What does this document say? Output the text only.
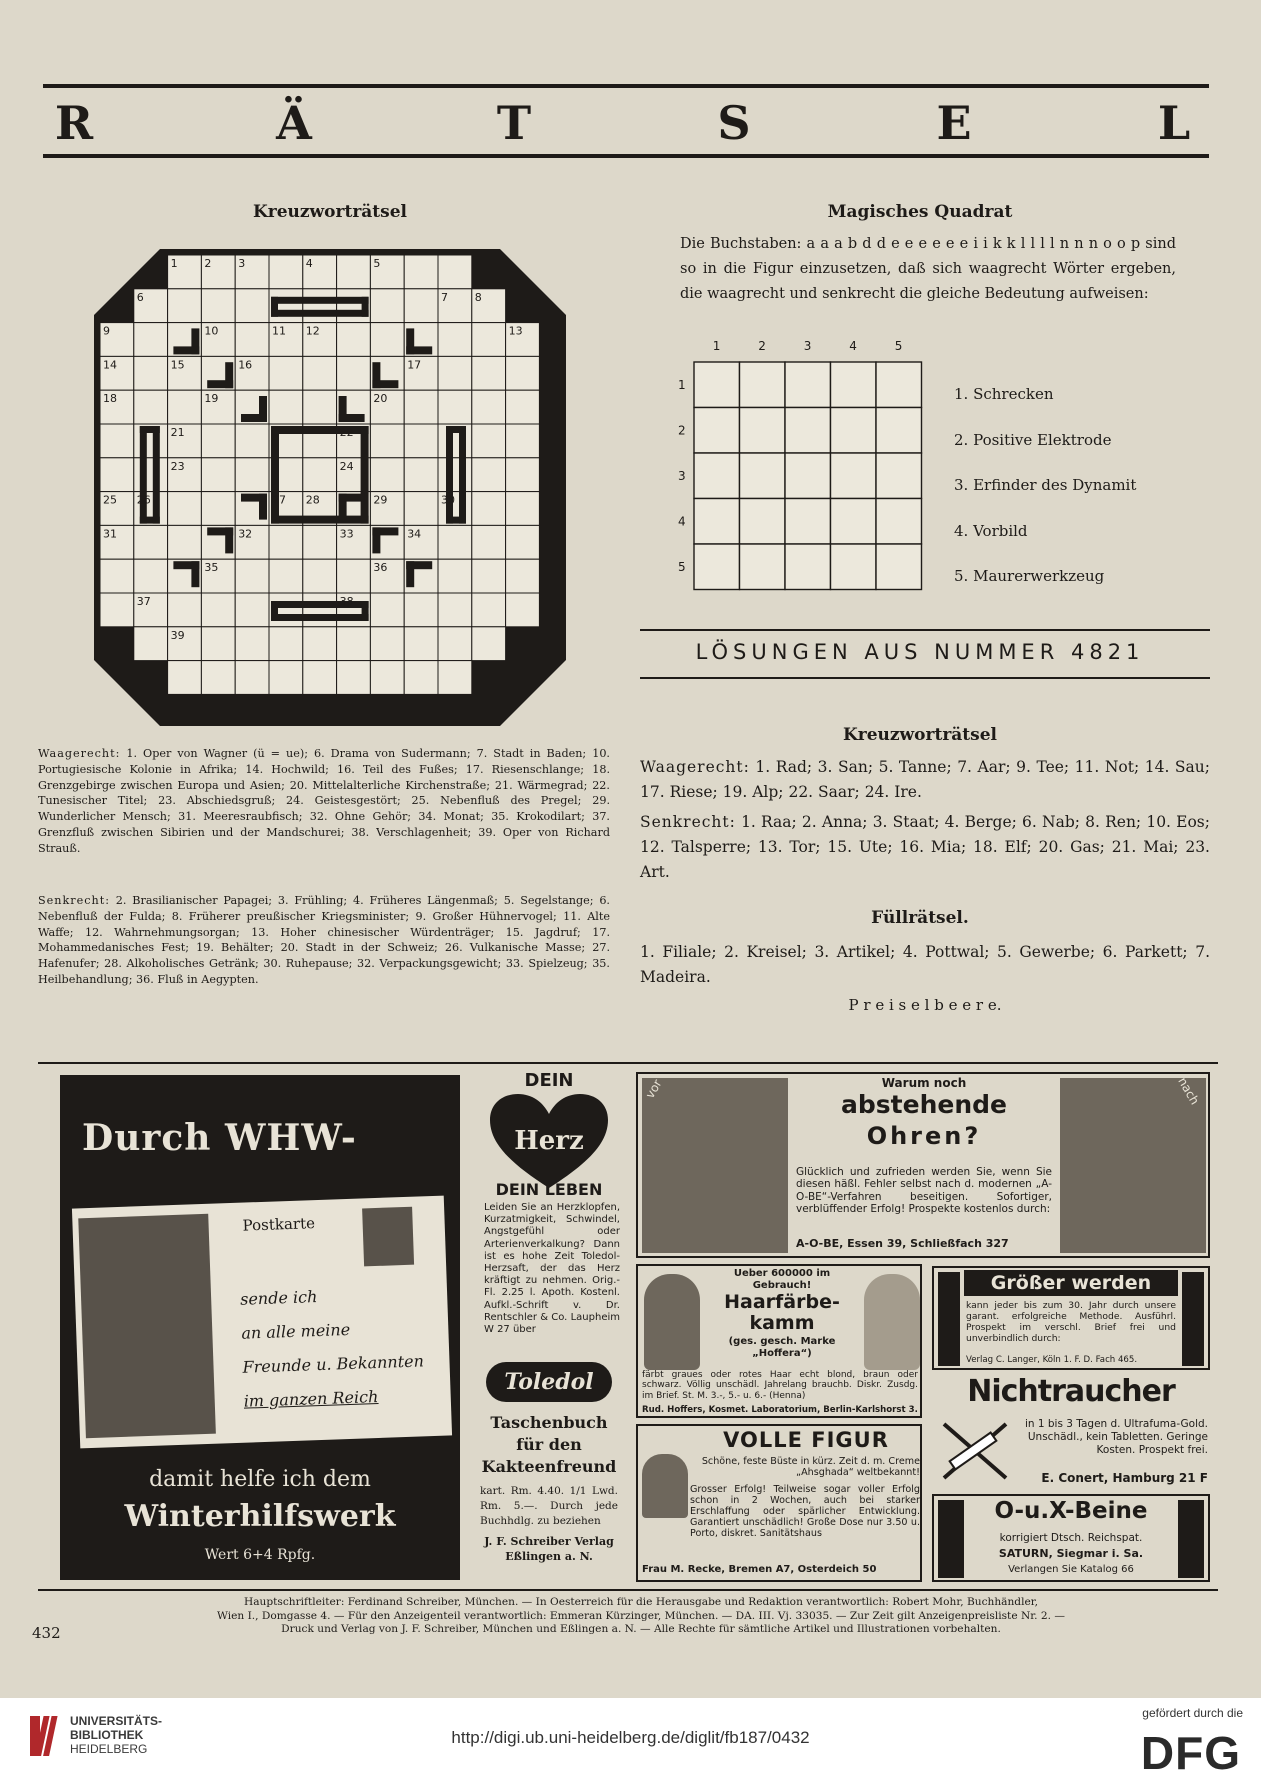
R	Ä	T	S	E	L
Kreuzworträtsel
1 2 3	4	5
6	7 8
9	10	11 12	13
14	15	16	17
18	19	20
21	22
23	24
25 26	27 28	29	30
31	32	33	34
35	36
37	38
39
Waagerecht: 1. Oper von Wagner (ü = ue); 6. Drama von Sudermann; 7. Stadt in Baden; 10. Portugiesische Kolonie in Afrika; 14. Hochwild; 16. Teil des Fußes; 17. Riesenschlange; 18. Grenzgebirge zwischen Europa und Asien; 20. Mittelalterliche Kirchenstraße; 21. Wärmegrad; 22. Tunesischer Titel; 23. Abschiedsgruß; 24. Geistesgestört; 25. Nebenfluß des Pregel; 29. Wunderlicher Mensch; 31. Meeresraubfisch; 32. Ohne Gehör; 34. Monat; 35. Krokodilart; 37. Grenzfluß zwischen Sibirien und der Mandschurei; 38. Verschlagenheit; 39. Oper von Richard Strauß.
Senkrecht: 2. Brasilianischer Papagei; 3. Frühling; 4. Früheres Längenmaß; 5. Segelstange; 6. Nebenfluß der Fulda; 8. Früherer preußischer Kriegsminister; 9. Großer Hühnervogel; 11. Alte Waffe; 12. Wahrnehmungsorgan; 13. Hoher chinesischer Würdenträger; 15. Jagdruf; 17. Mohammedanisches Fest; 19. Behälter; 20. Stadt in der Schweiz; 26. Vulkanische Masse; 27. Hafenufer; 28. Alkoholisches Getränk; 30. Ruhepause; 32. Verpackungsgewicht; 33. Spielzeug; 35. Heilbehandlung; 36. Fluß in Aegypten.
Magisches Quadrat
Die Buchstaben: a a a b d d e e e e e e i i k k l l l l n n n o o p sind so in die Figur einzusetzen, daß sich waagrecht Wörter ergeben, die waagrecht und senkrecht die gleiche Bedeutung aufweisen:
1	2	3	4	5
1
2
3
4
5
1. Schrecken
2. Positive Elektrode
3. Erfinder des Dynamit
4. Vorbild
5. Maurerwerkzeug
LÖSUNGEN AUS NUMMER 4821
Kreuzworträtsel
Waagerecht: 1. Rad; 3. San; 5. Tanne; 7. Aar; 9. Tee; 11. Not; 14. Sau; 17. Riese; 19. Alp; 22. Saar; 24. Ire.
Senkrecht: 1. Raa; 2. Anna; 3. Staat; 4. Berge; 6. Nab; 8. Ren; 10. Eos; 12. Talsperre; 13. Tor; 15. Ute; 16. Mia; 18. Elf; 20. Gas; 21. Mai; 23. Art.
Füllrätsel.
1. Filiale; 2. Kreisel; 3. Artikel; 4. Pottwal; 5. Gewerbe; 6. Parkett; 7. Madeira.
P r e i s e l b e e r e.
Durch WHW-
Postkarte
sende ich
an alle meine
Freunde u. Bekannten
im ganzen Reich
damit helfe ich dem
Winterhilfswerk
Wert 6+4 Rpfg.
DEIN
Herz
DEIN LEBEN
Leiden Sie an Herzklopfen, Kurzatmigkeit, Schwindel, Angstgefühl oder Arterienverkalkung? Dann ist es hohe Zeit Toledol-Herzsaft, der das Herz kräftigt zu nehmen. Orig.-Fl. 2.25 l. Apoth. Kostenl. Aufkl.-Schrift v. Dr. Rentschler & Co. Laupheim W 27 über
Toledol
Taschenbuch für den Kakteenfreund
kart. Rm. 4.40. 1/1 Lwd. Rm. 5.—. Durch jede Buchhdlg. zu beziehen
J. F. Schreiber Verlag Eßlingen a. N.
vor	nach
Warum noch
abstehende
Ohren?
Glücklich und zufrieden werden Sie, wenn Sie diesen häßl. Fehler selbst nach d. modernen „A-O-BE“-Verfahren beseitigen. Sofortiger, verblüffender Erfolg! Prospekte kostenlos durch:
A-O-BE, Essen 39, Schließfach 327
Ueber 600000 im Gebrauch!
Haarfärbe-kamm
(ges. gesch. Marke „Hoffera“)
färbt graues oder rotes Haar echt blond, braun oder schwarz. Völlig unschädl. Jahrelang brauchb. Diskr. Zusdg. im Brief. St. M. 3.-, 5.- u. 6.- (Henna)
Rud. Hoffers, Kosmet. Laboratorium, Berlin-Karlshorst 3.
VOLLE FIGUR
Schöne, feste Büste in kürz. Zeit d. m. Creme „Ahsghada“ weltbekannt!
Grosser Erfolg! Teilweise sogar voller Erfolg schon in 2 Wochen, auch bei starker Erschlaffung oder spärlicher Entwicklung. Garantiert unschädlich! Große Dose nur 3.50 u. Porto, diskret. Sanitätshaus
Frau M. Recke, Bremen A7, Osterdeich 50
Größer werden
kann jeder bis zum 30. Jahr durch unsere garant. erfolgreiche Methode. Ausführl. Prospekt im verschl. Brief frei und unverbindlich durch:
Verlag C. Langer, Köln 1. F. D. Fach 465.
Nichtraucher
in 1 bis 3 Tagen d. Ultrafuma-Gold. Unschädl., kein Tabletten. Geringe Kosten. Prospekt frei.
E. Conert, Hamburg 21 F
O-u.X-Beine
korrigiert Dtsch. Reichspat.
SATURN, Siegmar i. Sa.
Verlangen Sie Katalog 66
432
Hauptschriftleiter: Ferdinand Schreiber, München. — In Oesterreich für die Herausgabe und Redaktion verantwortlich: Robert Mohr, Buchhändler,
Wien I., Domgasse 4. — Für den Anzeigenteil verantwortlich: Emmeran Kürzinger, München. — DA. III. Vj. 33035. — Zur Zeit gilt Anzeigenpreisliste Nr. 2. —
Druck und Verlag von J. F. Schreiber, München und Eßlingen a. N. — Alle Rechte für sämtliche Artikel und Illustrationen vorbehalten.
UNIVERSITÄTS-
BIBLIOTHEK
HEIDELBERG
http://digi.ub.uni-heidelberg.de/diglit/fb187/0432
gefördert durch die
DFG
